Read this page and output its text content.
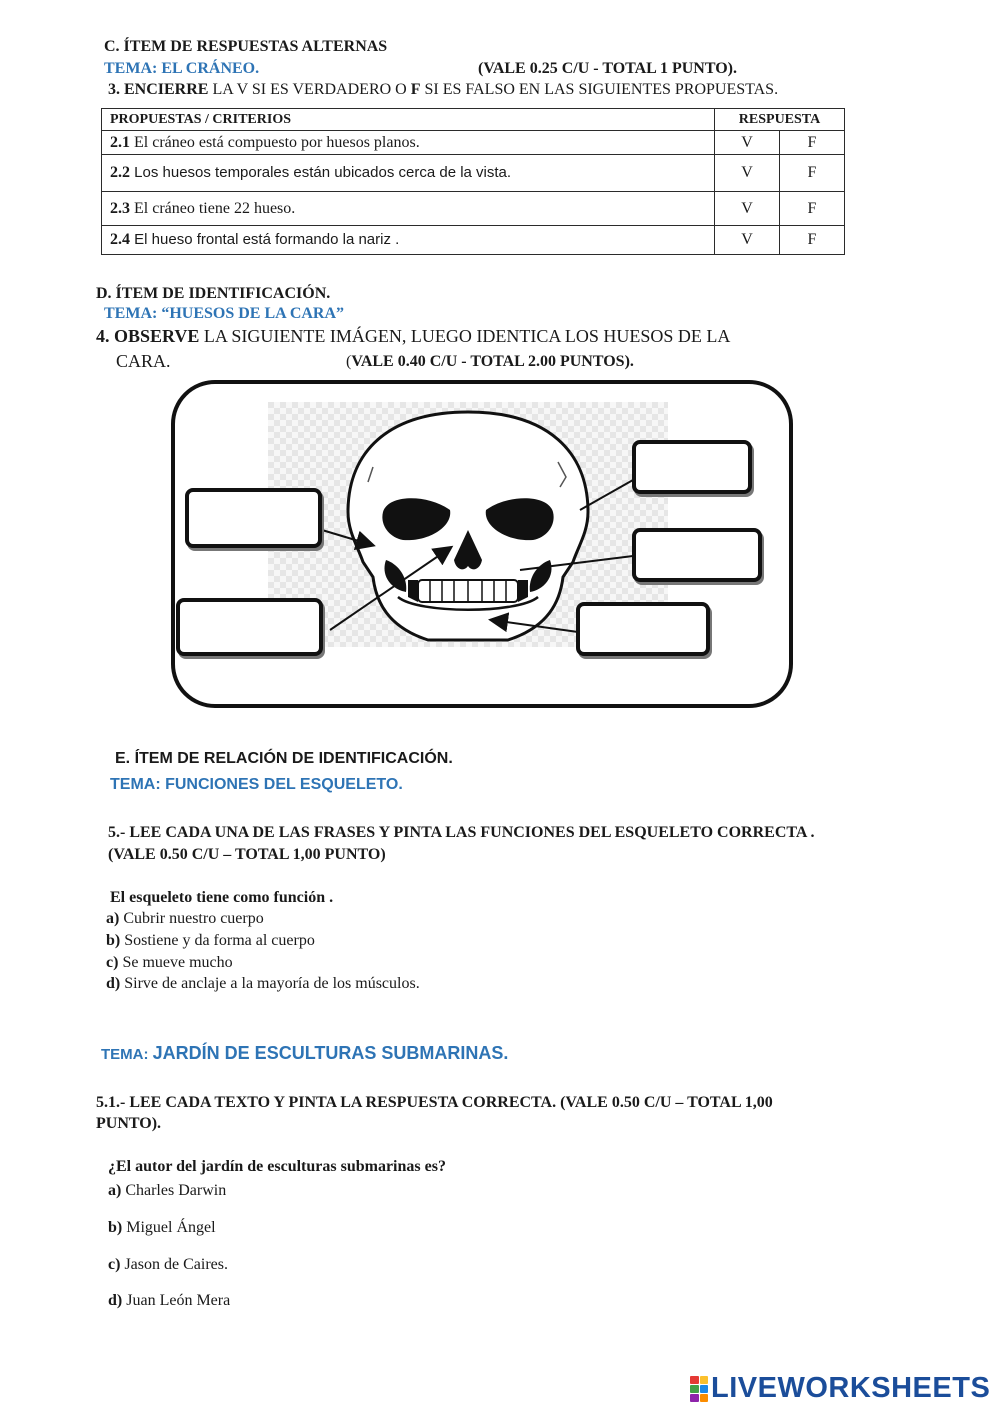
C. ÍTEM DE RESPUESTAS ALTERNAS
TEMA: EL CRÁNEO.	(VALE 0.25 C/U - TOTAL 1 PUNTO).
3. ENCIERRE LA V SI ES VERDADERO O F SI ES FALSO EN LAS SIGUIENTES PROPUESTAS.
PROPUESTAS / CRITERIOS	RESPUESTA	
2.1 El cráneo está compuesto por huesos planos.	V	F
2.2 Los huesos temporales están ubicados cerca de la vista.	V	F
2.3 El cráneo tiene 22 hueso.	V	F
2.4 El hueso frontal está formando la nariz .	V	F
D. ÍTEM DE IDENTIFICACIÓN.
TEMA: “HUESOS DE LA CARA”
4. OBSERVE LA SIGUIENTE IMÁGEN, LUEGO IDENTICA LOS HUESOS DE LA
CARA.	(VALE 0.40 C/U - TOTAL 2.00 PUNTOS).
E. ÍTEM DE RELACIÓN DE IDENTIFICACIÓN.
TEMA: FUNCIONES DEL ESQUELETO.
5.- LEE CADA UNA DE LAS FRASES Y PINTA LAS FUNCIONES DEL ESQUELETO CORRECTA .
(VALE 0.50 C/U – TOTAL 1,00 PUNTO)
El esqueleto tiene como función .
a) Cubrir nuestro cuerpo
b) Sostiene y da forma al cuerpo
c) Se mueve mucho
d) Sirve de anclaje a la mayoría de los músculos.
TEMA: JARDÍN DE ESCULTURAS SUBMARINAS.
5.1.- LEE CADA TEXTO Y PINTA LA RESPUESTA CORRECTA. (VALE 0.50 C/U – TOTAL 1,00
PUNTO).
¿El autor del jardín de esculturas submarinas es?
a) Charles Darwin
b) Miguel Ángel
c) Jason de Caires.
d) Juan León Mera
LIVEWORKSHEETS
